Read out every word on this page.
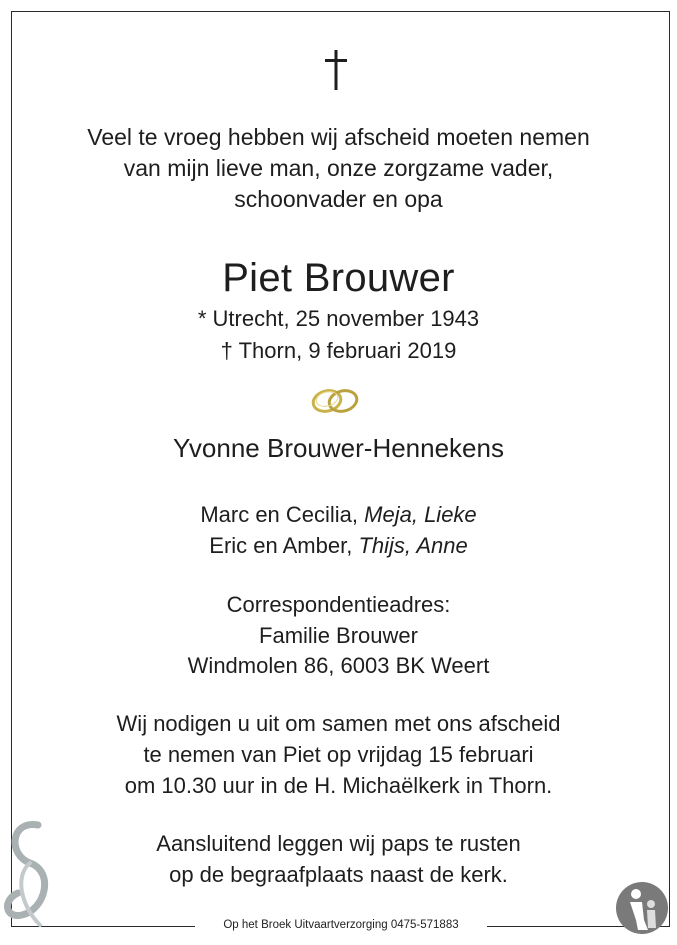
Veel te vroeg hebben wij afscheid moeten nemen
van mijn lieve man, onze zorgzame vader,
schoonvader en opa
Piet Brouwer
* Utrecht, 25 november 1943
† Thorn, 9 februari 2019
Yvonne Brouwer-Hennekens
Marc en Cecilia, Meja, Lieke
Eric en Amber, Thijs, Anne
Correspondentieadres:
Familie Brouwer
Windmolen 86, 6003 BK Weert
Wij nodigen u uit om samen met ons afscheid
te nemen van Piet op vrijdag 15 februari
om 10.30 uur in de H. Michaëlkerk in Thorn.
Aansluitend leggen wij paps te rusten
op de begraafplaats naast de kerk.
Op het Broek Uitvaartverzorging 0475-571883
